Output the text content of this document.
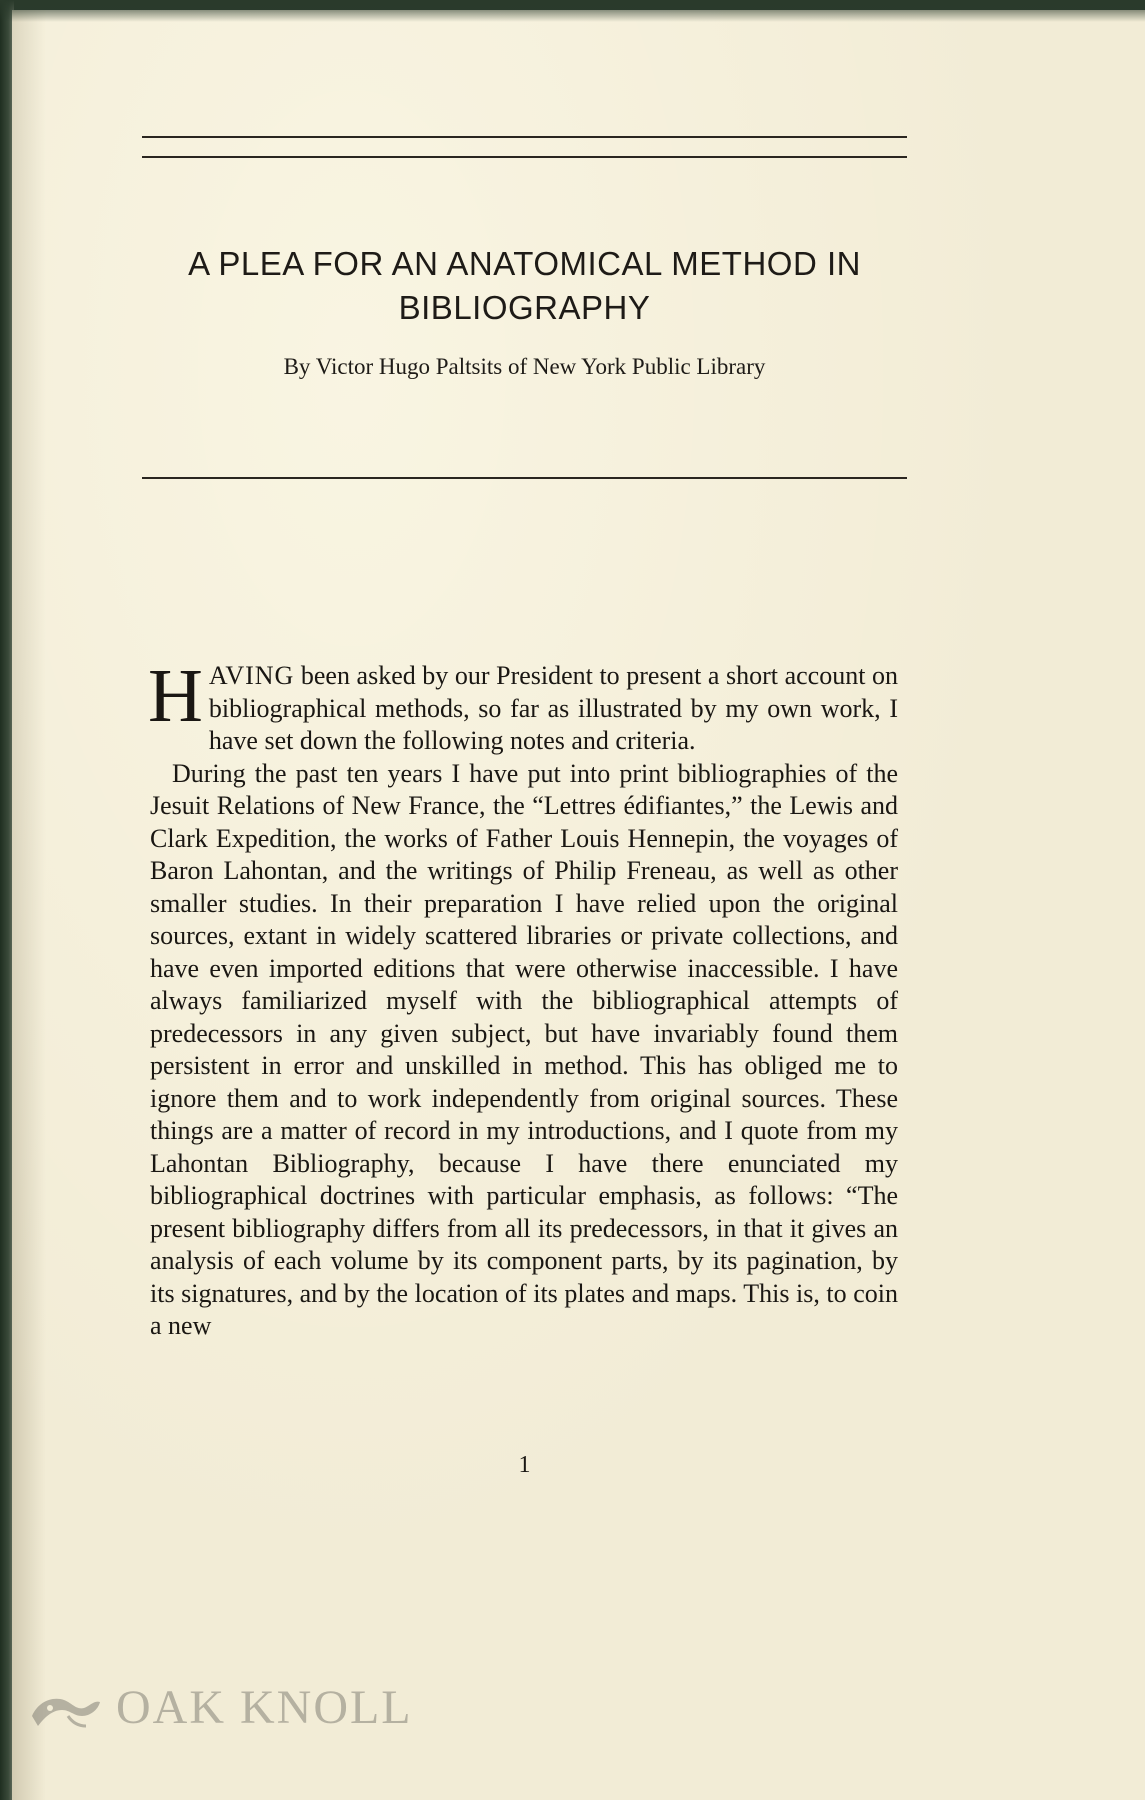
A PLEA FOR AN ANATOMICAL METHOD IN
BIBLIOGRAPHY
By Victor Hugo Paltsits of New York Public Library

HAVING been asked by our President to present a short account on bibliographical methods, so far as illustrated by my own work, I have set down the following notes and criteria.

During the past ten years I have put into print bibliographies of the Jesuit Relations of New France, the “Lettres édifiantes,” the Lewis and Clark Expedition, the works of Father Louis Hennepin, the voyages of Baron Lahontan, and the writings of Philip Freneau, as well as other smaller studies. In their preparation I have relied upon the original sources, extant in widely scattered libraries or private collections, and have even imported editions that were otherwise inaccessible. I have always familiarized myself with the bibliographical attempts of predecessors in any given subject, but have invariably found them persistent in error and unskilled in method. This has obliged me to ignore them and to work independently from original sources. These things are a matter of record in my introductions, and I quote from my Lahontan Bibliography, because I have there enunciated my bibliographical doctrines with particular emphasis, as follows: “The present bibliography differs from all its predecessors, in that it gives an analysis of each volume by its component parts, by its pagination, by its signatures, and by the location of its plates and maps. This is, to coin a new

1
OAK KNOLL
